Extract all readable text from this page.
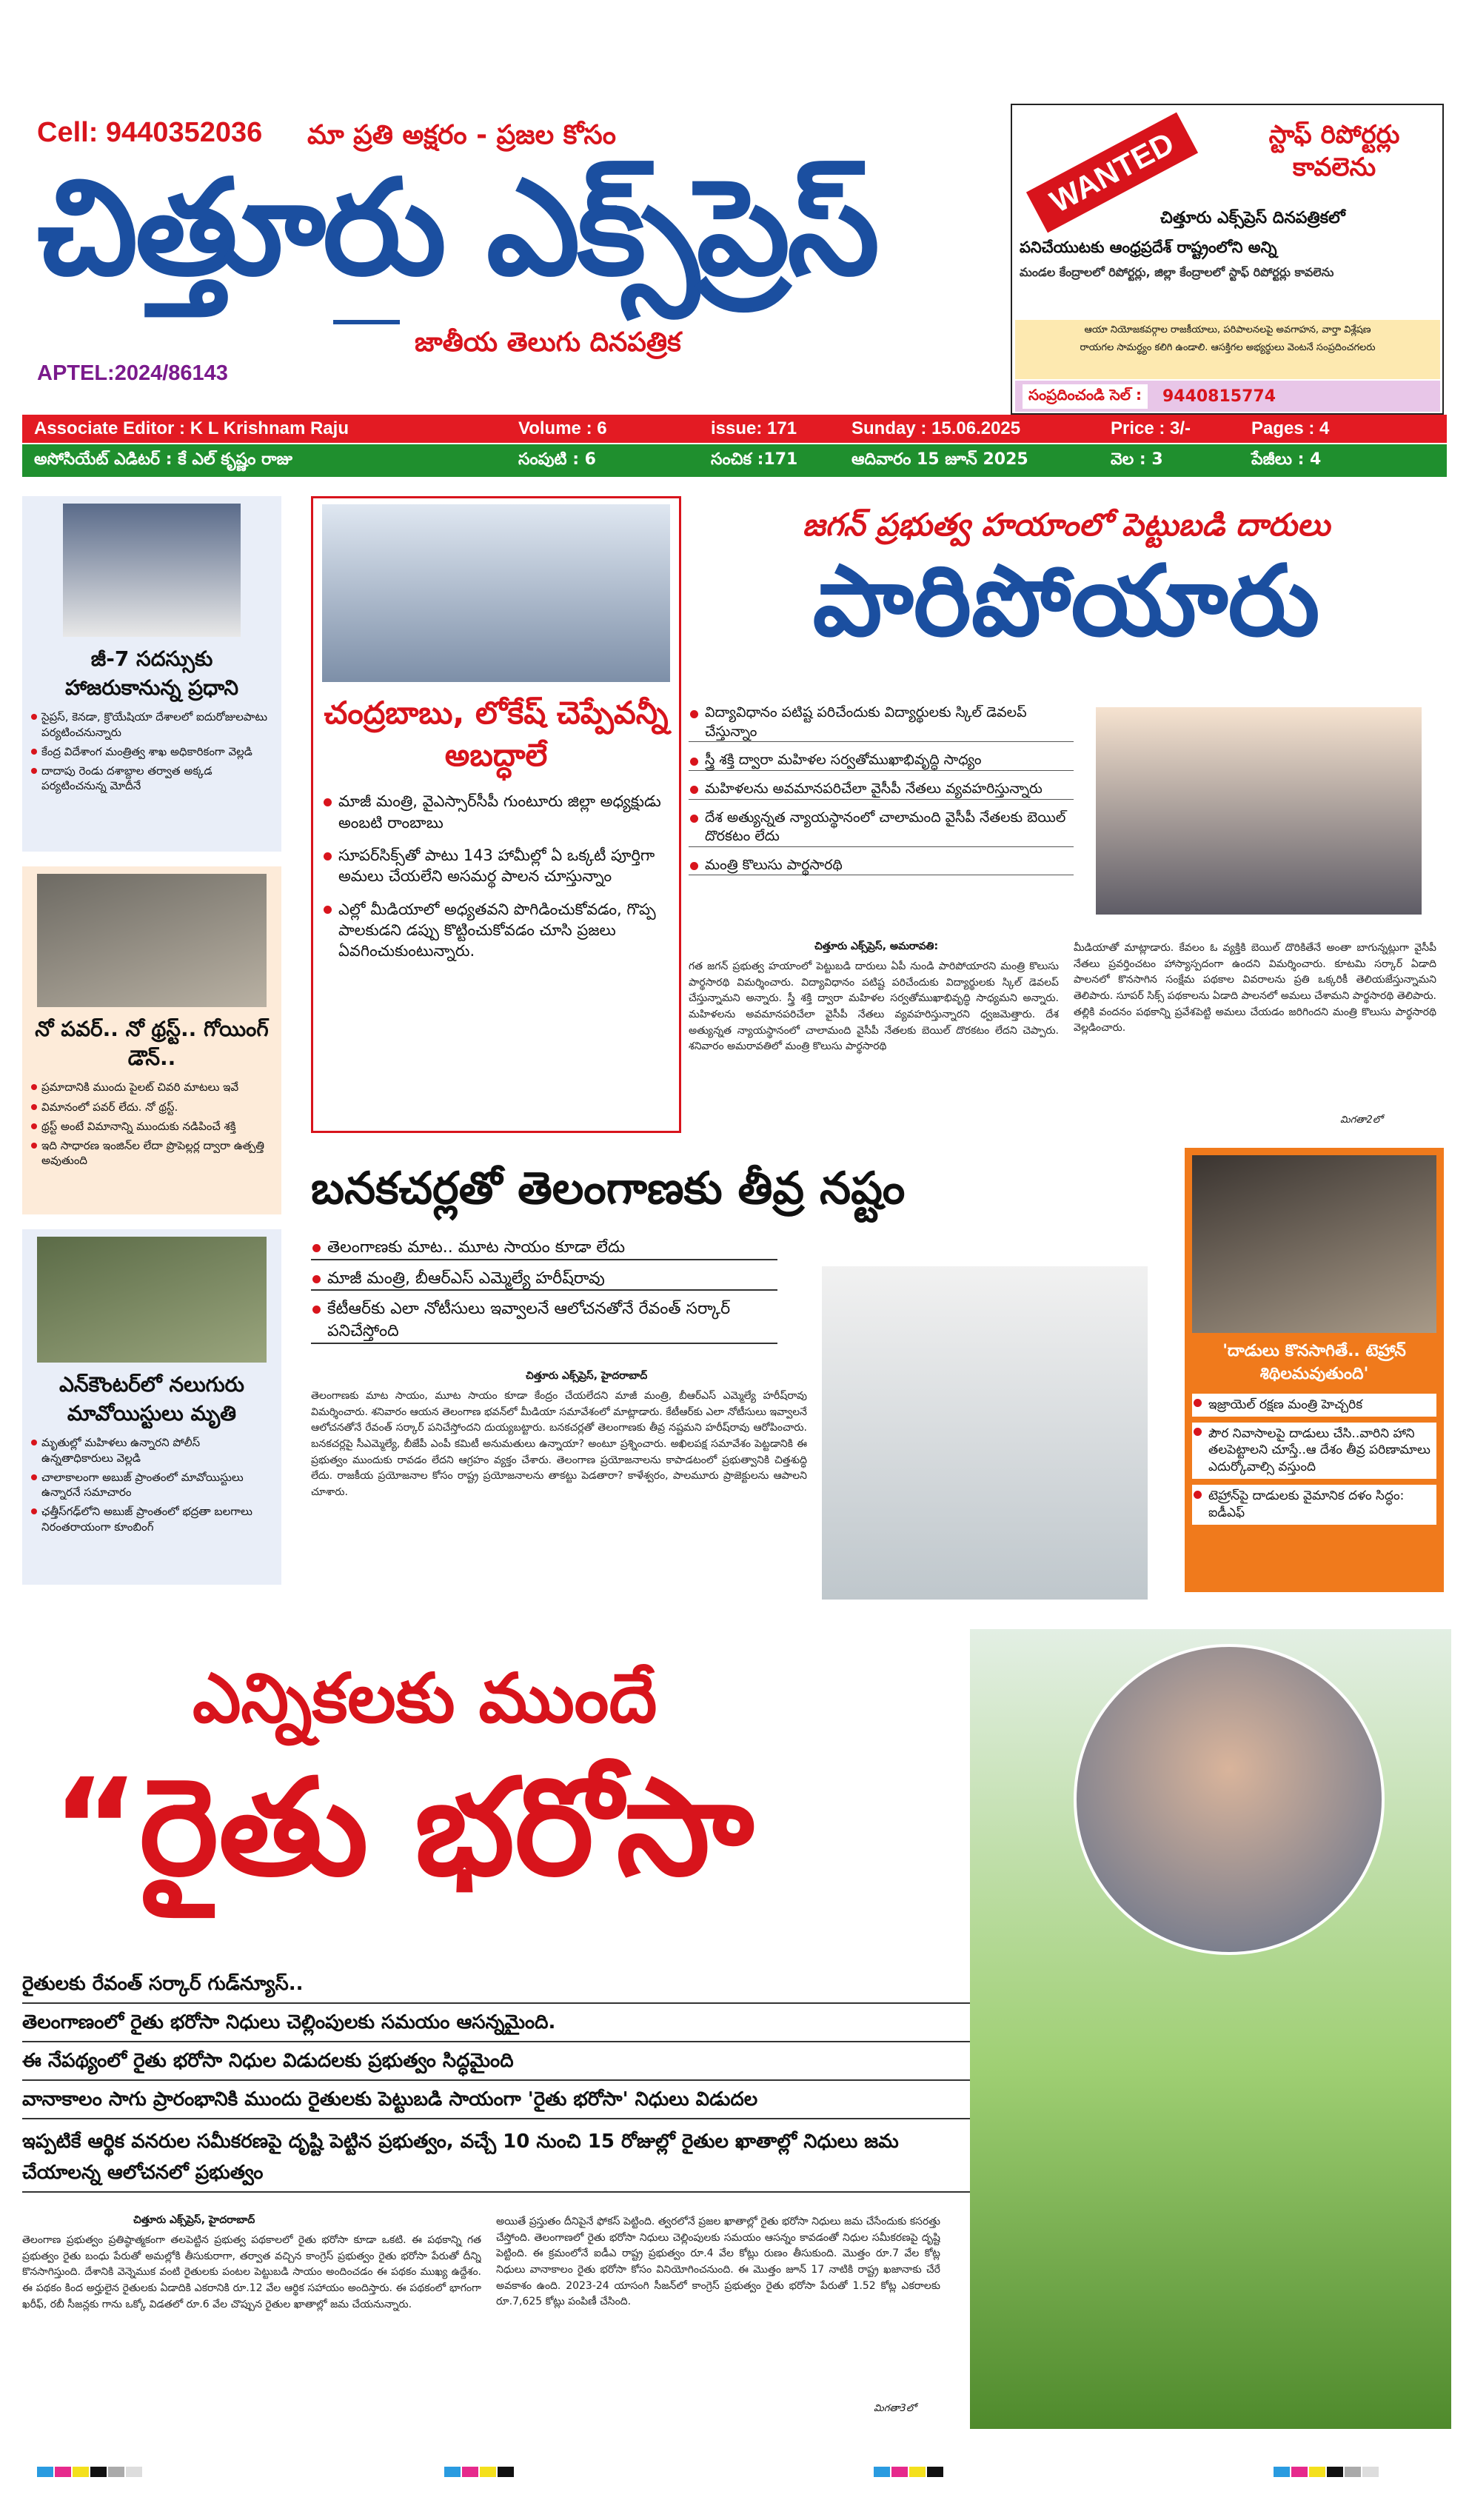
Cell: 9440352036 మా ప్రతి అక్షరం - ప్రజల కోసం
చిత్తూరు ఎక్స్‌ప్రెస్
జాతీయ తెలుగు దినపత్రిక
APTEL:2024/86143
WANTED	స్టాఫ్ రిపోర్టర్లు కావలెను
చిత్తూరు ఎక్స్‌ప్రెస్ దినపత్రికలో
పనిచేయుటకు ఆంధ్రప్రదేశ్ రాష్ట్రంలోని అన్ని
మండల కేంద్రాలలో రిపోర్టర్లు, జిల్లా కేంద్రాలలో స్టాఫ్ రిపోర్టర్లు కావలెను
ఆయా నియోజకవర్గాల రాజకీయాలు, పరిపాలనలపై అవగాహన, వార్తా విశ్లేషణ
రాయగల సామర్థ్యం కలిగి ఉండాలి. ఆసక్తిగల అభ్యర్థులు వెంటనే సంప్రదించగలరు
సంప్రదించండి సెల్ :	9440815774
Associate Editor : K L Krishnam Raju	Volume : 6	issue: 171	Sunday : 15.06.2025	Price : 3/-	Pages : 4
అసోసియేట్ ఎడిటర్ : కే ఎల్ కృష్ణం రాజు	సంపుటి : 6	సంచిక :171	ఆదివారం 15 జూన్ 2025	వెల : 3	పేజీలు : 4
జీ-7 సదస్సుకు హాజరుకానున్న ప్రధాని
సైప్రస్, కెనడా, క్రొయేషియా దేశాలలో ఐదురోజులపాటు పర్యటించనున్నారు
కేంద్ర విదేశాంగ మంత్రిత్వ శాఖ అధికారికంగా వెల్లడి
దాదాపు రెండు దశాబ్దాల తర్వాత అక్కడ పర్యటించనున్న మోదీనే
నో పవర్.. నో థ్రస్ట్.. గోయింగ్ డౌన్..
ప్రమాదానికి ముందు పైలట్ చివరి మాటలు ఇవే
విమానంలో పవర్ లేదు. నో థ్రస్ట్.
థ్రస్ట్ అంటే విమానాన్ని ముందుకు నడిపించే శక్తి
ఇది సాధారణ ఇంజిన్‌ల లేదా ప్రొపెల్లర్ల ద్వారా ఉత్పత్తి అవుతుంది
ఎన్‌కౌంటర్‌లో నలుగురు మావోయిస్టులు మృతి
మృతుల్లో మహిళలు ఉన్నారని పోలీస్ ఉన్నతాధికారులు వెల్లడి
చాలాకాలంగా అబుజ్ ప్రాంతంలో మావోయిస్టులు ఉన్నారనే సమాచారం
ఛత్తీస్‌గఢ్‌లోని అబుజ్ ప్రాంతంలో భద్రతా బలగాలు నిరంతరాయంగా కూంబింగ్
చంద్రబాబు, లోకేష్ చెప్పేవన్నీ అబద్ధాలే
మాజీ మంత్రి, వైఎస్సార్‌సీపీ గుంటూరు జిల్లా అధ్యక్షుడు అంబటి రాంబాబు
సూపర్‌సిక్స్‌తో పాటు 143 హామీల్లో ఏ ఒక్కటీ పూర్తిగా అమలు చేయలేని అసమర్థ పాలన చూస్తున్నాం
ఎల్లో మీడియాలో అధ్యతవని పొగిడించుకోవడం, గొప్ప పాలకుడని డప్పు కొట్టించుకోవడం చూసి ప్రజలు ఏవగించుకుంటున్నారు.
జగన్ ప్రభుత్వ హయాంలో పెట్టుబడి దారులు
పారిపోయారు
విద్యావిధానం పటిష్ట పరిచేందుకు విద్యార్థులకు స్కిల్ డెవలప్ చేస్తున్నాం
స్త్రీ శక్తి ద్వారా మహిళల సర్వతోముఖాభివృద్ధి సాధ్యం
మహిళలను అవమానపరిచేలా వైసీపీ నేతలు వ్యవహరిస్తున్నారు
దేశ అత్యున్నత న్యాయస్థానంలో చాలామంది వైసీపీ నేతలకు బెయిల్ దొరకటం లేదు
మంత్రి కొలుసు పార్థసారథి
చిత్తూరు ఎక్స్‌ప్రెస్, అమరావతి:
గత జగన్ ప్రభుత్వ హయాంలో పెట్టుబడి దారులు ఏపీ నుండి పారిపోయారని మంత్రి కొలుసు పార్థసారథి విమర్శించారు. విద్యావిధానం పటిష్ట పరిచేందుకు విద్యార్థులకు స్కిల్ డెవలప్ చేస్తున్నామని అన్నారు. స్త్రీ శక్తి ద్వారా మహిళల సర్వతోముఖాభివృద్ధి సాధ్యమని అన్నారు. మహిళలను అవమానపరిచేలా వైసీపీ నేతలు వ్యవహరిస్తున్నారని ధ్వజమెత్తారు. దేశ అత్యున్నత న్యాయస్థానంలో చాలామంది వైసీపీ నేతలకు బెయిల్ దొరకటం లేదని చెప్పారు. శనివారం అమరావతిలో మంత్రి కొలుసు పార్థసారథి
మీడియాతో మాట్లాడారు. కేవలం ఓ వ్యక్తికి బెయిల్ దొరికితేనే అంతా బాగున్నట్లుగా వైసీపీ నేతలు ప్రవర్తించటం హాస్యాస్పదంగా ఉందని విమర్శించారు. కూటమి సర్కార్ ఏడాది పాలనలో కొనసాగిన సంక్షేమ పథకాల వివరాలను ప్రతి ఒక్కరికీ తెలియజేస్తున్నామని తెలిపారు. సూపర్ సిక్స్ పథకాలను ఏడాది పాలనలో అమలు చేశామని పార్థసారథి తెలిపారు. తల్లికి వందనం పథకాన్ని ప్రవేశపెట్టి అమలు చేయడం జరిగిందని మంత్రి కొలుసు పార్థసారథి వెల్లడించారు.
మిగతా2లో
బనకచర్లతో తెలంగాణకు తీవ్ర నష్టం
తెలంగాణకు మాట.. మూట సాయం కూడా లేదు
మాజీ మంత్రి, బీఆర్‌ఎస్ ఎమ్మెల్యే హరీష్‌రావు
కేటీఆర్‌కు ఎలా నోటీసులు ఇవ్వాలనే ఆలోచనతోనే రేవంత్ సర్కార్ పనిచేస్తోంది
చిత్తూరు ఎక్స్‌ప్రెస్, హైదరాబాద్
తెలంగాణకు మాట సాయం, మూట సాయం కూడా కేంద్రం చేయలేదని మాజీ మంత్రి, బీఆర్‌ఎస్ ఎమ్మెల్యే హరీష్‌రావు విమర్శించారు. శనివారం ఆయన తెలంగాణ భవన్‌లో మీడియా సమావేశంలో మాట్లాడారు. కేటీఆర్‌కు ఎలా నోటీసులు ఇవ్వాలనే ఆలోచనతోనే రేవంత్ సర్కార్ పనిచేస్తోందని దుయ్యబట్టారు. బనకచర్లతో తెలంగాణకు తీవ్ర నష్టమని హరీష్‌రావు ఆరోపించారు. బనకచర్లపై సీఎమ్మెల్యే, బీజేపీ ఎంపీ కమిటీ అనుమతులు ఉన్నాయా? అంటూ ప్రశ్నించారు. అఖిలపక్ష సమావేశం పెట్టడానికి ఈ ప్రభుత్వం ముందుకు రావడం లేదని ఆగ్రహం వ్యక్తం చేశారు. తెలంగాణ ప్రయోజనాలను కాపాడటంలో ప్రభుత్వానికి చిత్తశుద్ధి లేదు. రాజకీయ ప్రయోజనాల కోసం రాష్ట్ర ప్రయోజనాలను తాకట్టు పెడతారా? కాళేశ్వరం, పాలమూరు ప్రాజెక్టులను ఆపాలని చూశారు.
'దాడులు కొనసాగితే.. టెహ్రాన్ శిథిలమవుతుంది'
ఇజ్రాయెల్ రక్షణ మంత్రి హెచ్చరిక
పౌర నివాసాలపై దాడులు చేసి..వారిని హాని తలపెట్టాలని చూస్తే..ఆ దేశం తీవ్ర పరిణామాలు ఎదుర్కోవాల్సి వస్తుంది
టెహ్రాన్‌పై దాడులకు వైమానిక దళం సిద్ధం: ఐడీఎఫ్
ఎన్నికలకు ముందే
“రైతు భరోసా
రైతులకు రేవంత్ సర్కార్ గుడ్‌న్యూస్..
తెలంగాణంలో రైతు భరోసా నిధులు చెల్లింపులకు సమయం ఆసన్నమైంది.
ఈ నేపథ్యంలో రైతు భరోసా నిధుల విడుదలకు ప్రభుత్వం సిద్ధమైంది
వానాకాలం సాగు ప్రారంభానికి ముందు రైతులకు పెట్టుబడి సాయంగా 'రైతు భరోసా' నిధులు విడుదల
ఇప్పటికే ఆర్థిక వనరుల సమీకరణపై దృష్టి పెట్టిన ప్రభుత్వం, వచ్చే 10 నుంచి 15 రోజుల్లో రైతుల ఖాతాల్లో నిధులు జమ చేయాలన్న ఆలోచనలో ప్రభుత్వం
చిత్తూరు ఎక్స్‌ప్రెస్, హైదరాబాద్
తెలంగాణ ప్రభుత్వం ప్రతిష్ఠాత్మకంగా తలపెట్టిన ప్రభుత్వ పథకాలలో రైతు భరోసా కూడా ఒకటి. ఈ పథకాన్ని గత ప్రభుత్వం రైతు బంధు పేరుతో అమల్లోకి తీసుకురాగా, తర్వాత వచ్చిన కాంగ్రెస్ ప్రభుత్వం రైతు భరోసా పేరుతో దీన్ని కొనసాగిస్తుంది. దేశానికి వెన్నెముక వంటి రైతులకు పంటల పెట్టుబడి సాయం అందించడం ఈ పథకం ముఖ్య ఉద్దేశం. ఈ పథకం కింద అర్హులైన రైతులకు ఏడాదికి ఎకరానికి రూ.12 వేల ఆర్థిక సహాయం అందిస్తారు. ఈ పథకంలో భాగంగా ఖరీఫ్, రబీ సీజన్లకు గాను ఒక్కో విడతలో రూ.6 వేల చొప్పున రైతుల ఖాతాల్లో జమ చేయనున్నారు.
అయితే ప్రస్తుతం దీనిపైనే ఫోకస్ పెట్టింది. త్వరలోనే ప్రజల ఖాతాల్లో రైతు భరోసా నిధులు జమ చేసేందుకు కసరత్తు చేస్తోంది. తెలంగాణలో రైతు భరోసా నిధులు చెల్లింపులకు సమయం ఆసన్నం కావడంతో నిధుల సమీకరణపై దృష్టి పెట్టింది. ఈ క్రమంలోనే ఐడీఎ రాష్ట్ర ప్రభుత్వం రూ.4 వేల కోట్లు రుణం తీసుకుంది. మొత్తం రూ.7 వేల కోట్ల నిధులు వానాకాలం రైతు భరోసా కోసం వినియోగించనుంది. ఈ మొత్తం జూన్ 17 నాటికి రాష్ట్ర ఖజానాకు చేరే అవకాశం ఉంది. 2023-24 యాసంగి సీజన్‌లో కాంగ్రెస్ ప్రభుత్వం రైతు భరోసా పేరుతో 1.52 కోట్ల ఎకరాలకు రూ.7,625 కోట్లు పంపిణీ చేసింది.
మిగతా3లో
